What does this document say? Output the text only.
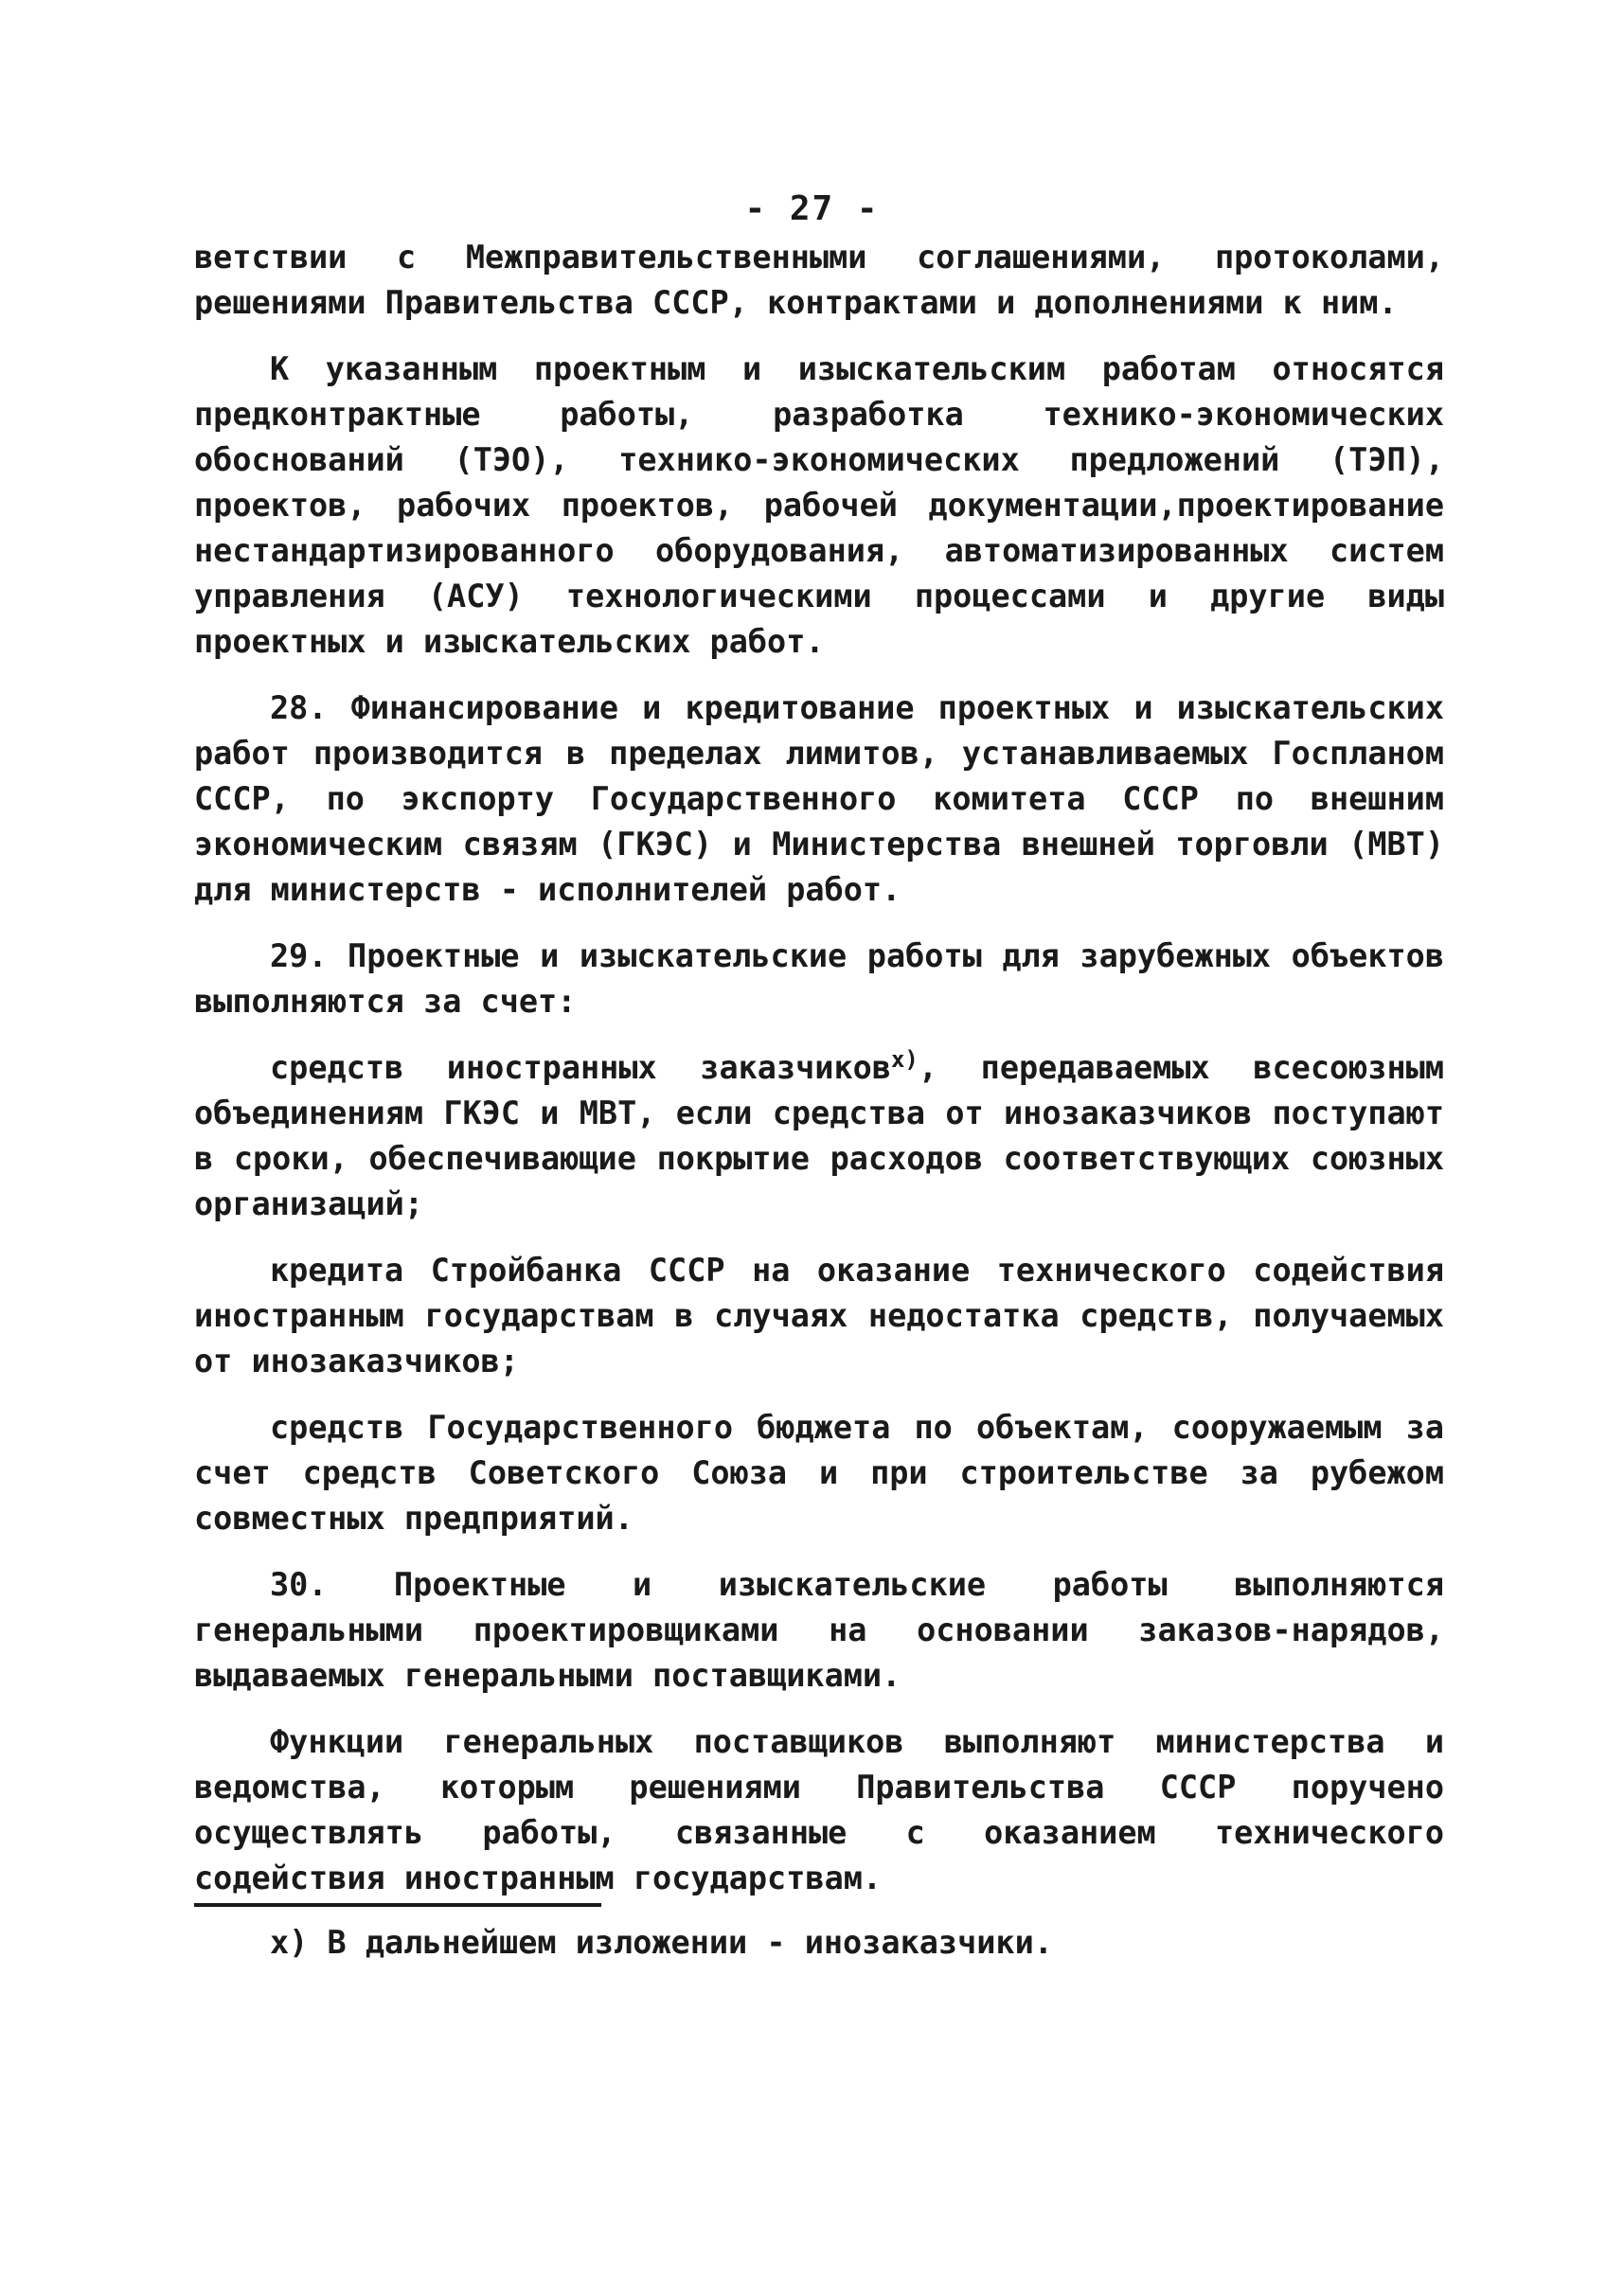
- 27 -

ветствии с Межправительственными соглашениями, протоколами, решениями Правительства СССР, контрактами и дополнениями к ним.

К указанным проектным и изыскательским работам относятся предконтрактные работы, разработка технико-экономических обоснований (ТЭО), технико-экономических предложений (ТЭП), проектов, рабочих проектов, рабочей документации,проектирование нестандартизированного оборудования, автоматизированных систем управления (АСУ) технологическими процессами и другие виды проектных и изыскательских работ.

28. Финансирование и кредитование проектных и изыскательских работ производится в пределах лимитов, устанавливаемых Госпланом СССР, по экспорту Государственного комитета СССР по внешним экономическим связям (ГКЭС) и Министерства внешней торговли (МВТ) для министерств - исполнителей работ.

29. Проектные и изыскательские работы для зарубежных объектов выполняются за счет:

средств иностранных заказчиков$^{x)}$, передаваемых всесоюзным объединениям ГКЭС и МВТ, если средства от инозаказчиков поступают в сроки, обеспечивающие покрытие расходов соответствующих союзных организаций;

кредита Стройбанка СССР на оказание технического содействия иностранным государствам в случаях недостатка средств, получаемых от инозаказчиков;

средств Государственного бюджета по объектам, сооружаемым за счет средств Советского Союза и при строительстве за рубежом совместных предприятий.

30. Проектные и изыскательские работы выполняются генеральными проектировщиками на основании заказов-нарядов, выдаваемых генеральными поставщиками.

Функции генеральных поставщиков выполняют министерства и ведомства, которым решениями Правительства СССР поручено осуществлять работы, связанные с оказанием технического содействия иностранным государствам.

x) В дальнейшем изложении - инозаказчики.
